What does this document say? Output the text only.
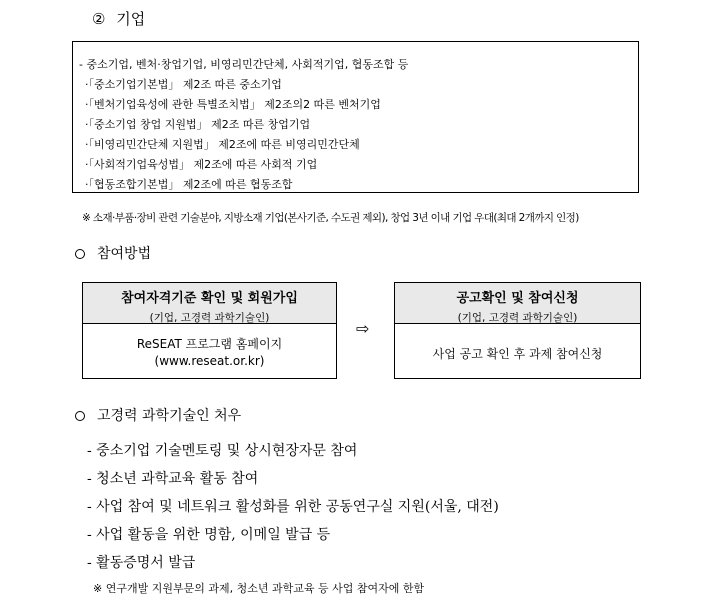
② 기업
- 중소기업, 벤처·창업기업, 비영리민간단체, 사회적기업, 협동조합 등
·「중소기업기본법」 제2조 따른 중소기업
·「벤처기업육성에 관한 특별조치법」 제2조의2 따른 벤처기업
·「중소기업 창업 지원법」 제2조 따른 창업기업
·「비영리민간단체 지원법」 제2조에 따른 비영리민간단체
·「사회적기업육성법」 제2조에 따른 사회적 기업
·「협동조합기본법」 제2조에 따른 협동조합
※ 소재·부품·장비 관련 기술분야, 지방소재 기업(본사기준, 수도권 제외), 창업 3년 이내 기업 우대(최대 2개까지 인정)
참여방법
참여자격기준 확인 및 회원가입
(기업, 고경력 과학기술인)
ReSEAT 프로그램 홈페이지
(www.reseat.or.kr)
⇨
공고확인 및 참여신청
(기업, 고경력 과학기술인)
사업 공고 확인 후 과제 참여신청
고경력 과학기술인 처우
- 중소기업 기술멘토링 및 상시현장자문 참여
- 청소년 과학교육 활동 참여
- 사업 참여 및 네트워크 활성화를 위한 공동연구실 지원(서울, 대전)
- 사업 활동을 위한 명함, 이메일 발급 등
- 활동증명서 발급
※ 연구개발 지원부문의 과제, 청소년 과학교육 등 사업 참여자에 한함
